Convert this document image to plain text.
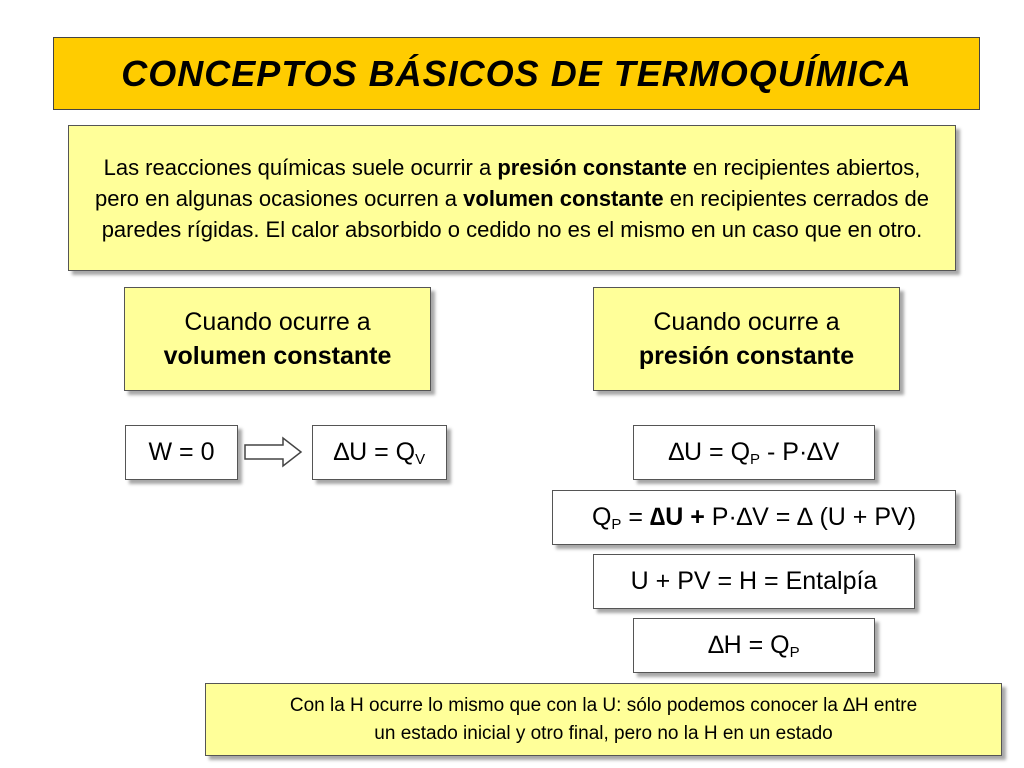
CONCEPTOS BÁSICOS DE TERMOQUÍMICA

Las reacciones químicas suele ocurrir a presión constante en recipientes abiertos, pero en algunas ocasiones ocurren a volumen constante en recipientes cerrados de paredes rígidas. El calor absorbido o cedido no es el mismo en un caso que en otro.

Cuando ocurre a
volumen constante

Cuando ocurre a
presión constante

W = 0	$\Delta U = Q_V$	$\Delta U = Q_P - P\cdot\Delta V$
$Q_P = \Delta U + P\cdot\Delta V$ = ∆ (U + PV)
U + PV = H = Entalpía
$\Delta H = Q_P$

Con la H ocurre lo mismo que con la U: sólo podemos conocer la ∆H entre
un estado inicial y otro final, pero no la H en un estado
